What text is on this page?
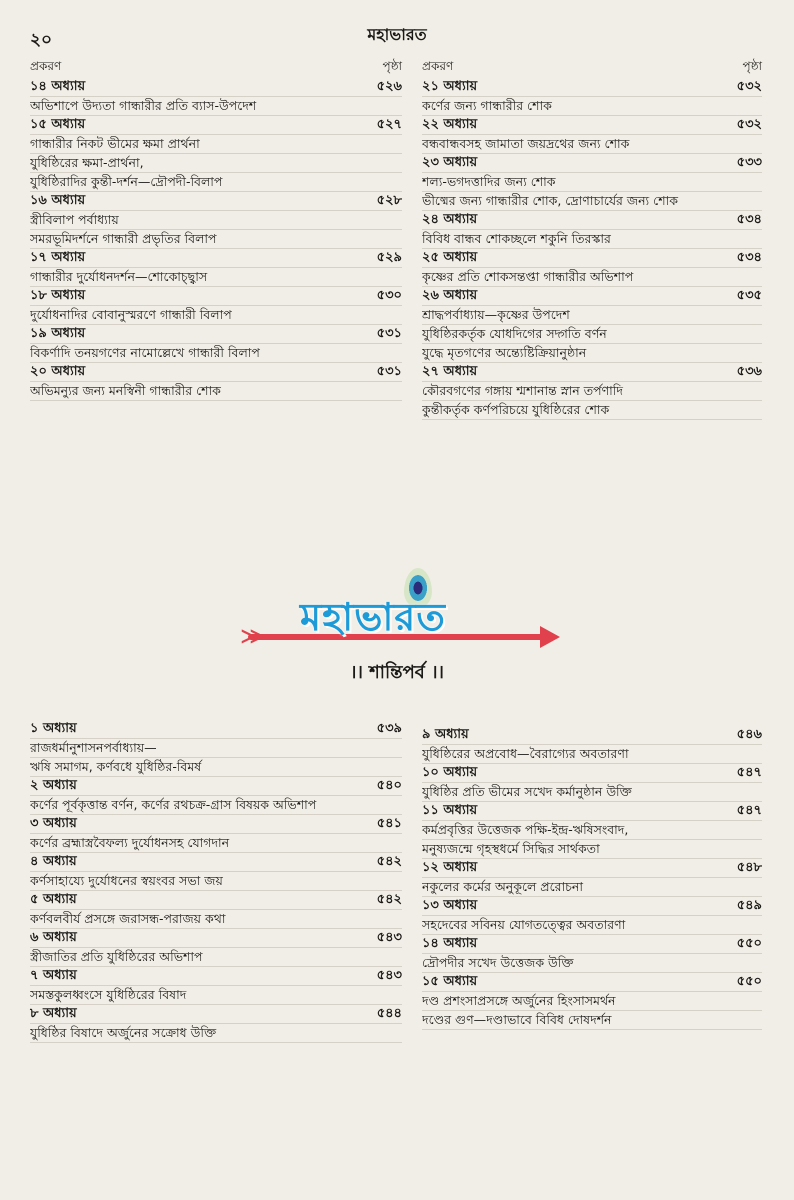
২০	মহাভারত
প্রকরণ	পৃষ্ঠা
১৪ অধ্যায়	৫২৬
অভিশাপে উদ্যতা গান্ধারীর প্রতি ব্যাস-উপদেশ
১৫ অধ্যায়	৫২৭
গান্ধারীর নিকট ভীমের ক্ষমা প্রার্থনা
যুধিষ্ঠিরের ক্ষমা-প্রার্থনা,
যুধিষ্ঠিরাদির কুন্তী-দর্শন—দ্রৌপদী-বিলাপ
১৬ অধ্যায়	৫২৮
স্ত্রীবিলাপ পর্বাধ্যায়
সমরভূমিদর্শনে গান্ধারী প্রভৃতির বিলাপ
১৭ অধ্যায়	৫২৯
গান্ধারীর দুর্যোধনদর্শন—শোকোচ্ছ্বাস
১৮ অধ্যায়	৫৩০
দুর্যোধনাদির বোবানুস্মরণে গান্ধারী বিলাপ
১৯ অধ্যায়	৫৩১
বিকর্ণাদি তনয়গণের নামোল্লেখে গান্ধারী বিলাপ
২০ অধ্যায়	৫৩১
অভিমন্যুর জন্য মনস্বিনী গান্ধারীর শোক
প্রকরণ	পৃষ্ঠা
২১ অধ্যায়	৫৩২
কর্ণের জন্য গান্ধারীর শোক
২২ অধ্যায়	৫৩২
বন্ধবান্ধবসহ জামাতা জয়দ্রথের জন্য শোক
২৩ অধ্যায়	৫৩৩
শল্য-ভগদত্তাদির জন্য শোক
ভীষ্মের জন্য গান্ধারীর শোক, দ্রোণাচার্যের জন্য শোক
২৪ অধ্যায়	৫৩৪
বিবিধ বান্ধব শোকচ্ছলে শকুনি তিরস্কার
২৫ অধ্যায়	৫৩৪
কৃষ্ণের প্রতি শোকসন্তপ্তা গান্ধারীর অভিশাপ
২৬ অধ্যায়	৫৩৫
শ্রাদ্ধপর্বাধ্যায়—কৃষ্ণের উপদেশ
যুধিষ্ঠিরকর্তৃক যোধদিগের সদ্গতি বর্ণন
যুদ্ধে মৃতগণের অন্ত্যেষ্টিক্রিয়ানুষ্ঠান
২৭ অধ্যায়	৫৩৬
কৌরবগণের গঙ্গায় শ্মশানান্ত স্নান তর্পণাদি
কুন্তীকর্তৃক কর্ণপরিচয়ে যুধিষ্ঠিরের শোক
≫ মহাভারত
।। শান্তিপর্ব ।।
১ অধ্যায়	৫৩৯
রাজধর্মানুশাসনপর্বাধ্যায়—
ঋষি সমাগম, কর্ণবধে যুধিষ্ঠির-বিমর্ষ
২ অধ্যায়	৫৪০
কর্ণের পূর্বকৃত্তান্ত বর্ণন, কর্ণের রথচক্র-গ্রাস বিষয়ক অভিশাপ
৩ অধ্যায়	৫৪১
কর্ণের ব্রহ্মাস্ত্রবৈফল্য দুর্যোধনসহ যোগদান
৪ অধ্যায়	৫৪২
কর্ণসাহায্যে দুর্যোধনের স্বয়ংবর সভা জয়
৫ অধ্যায়	৫৪২
কর্ণবলবীর্য প্রসঙ্গে জরাসন্ধ-পরাজয় কথা
৬ অধ্যায়	৫৪৩
স্ত্রীজাতির প্রতি যুধিষ্ঠিরের অভিশাপ
৭ অধ্যায়	৫৪৩
সমস্তকুলধ্বংসে যুধিষ্ঠিরের বিষাদ
৮ অধ্যায়	৫৪৪
যুধিষ্ঠির বিষাদে অর্জুনের সক্রোধ উক্তি
৯ অধ্যায়	৫৪৬
যুধিষ্ঠিরের অপ্রবোধ—বৈরাগ্যের অবতারণা
১০ অধ্যায়	৫৪৭
যুধিষ্ঠির প্রতি ভীমের সখেদ কর্মানুষ্ঠান উক্তি
১১ অধ্যায়	৫৪৭
কর্মপ্রবৃত্তির উত্তেজক পক্ষি-ইন্দ্র-ঋষিসংবাদ,
মনুষ্যজন্মে গৃহস্থধর্মে সিদ্ধির সার্থকতা
১২ অধ্যায়	৫৪৮
নকুলের কর্মের অনুকূলে প্ররোচনা
১৩ অধ্যায়	৫৪৯
সহদেবের সবিনয় যোগতত্ত্বের অবতারণা
১৪ অধ্যায়	৫৫০
দ্রৌপদীর সখেদ উত্তেজক উক্তি
১৫ অধ্যায়	৫৫০
দণ্ড প্রশংসাপ্রসঙ্গে অর্জুনের হিংসাসমর্থন
দণ্ডের গুণ—দণ্ডাভাবে বিবিধ দোষদর্শন
